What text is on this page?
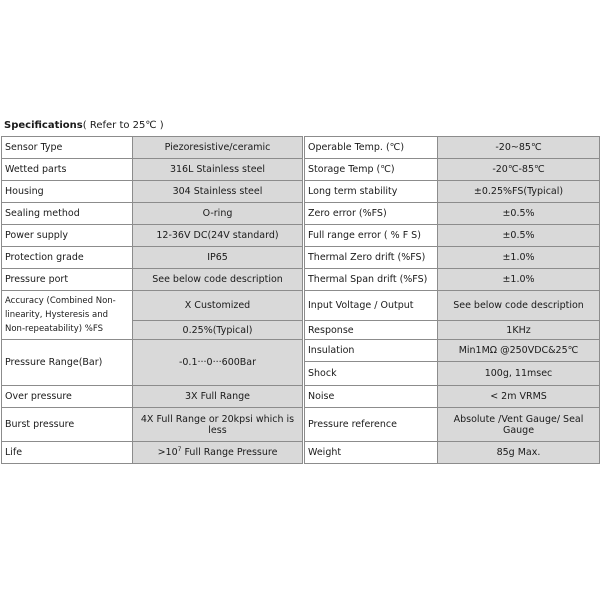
Specifications( Refer to 25℃ )
Sensor Type	Piezoresistive/ceramic
Wetted parts	316L Stainless steel
Housing	304 Stainless steel
Sealing method	O-ring
Power supply	12-36V DC(24V standard)
Protection grade	IP65
Pressure port	See below code description
Accuracy (Combined Non-linearity, Hysteresis and Non-repeatability) %FS	X Customized
	0.25%(Typical)
Pressure Range(Bar)	-0.1···0···600Bar
Over pressure	3X Full Range
Burst pressure	4X Full Range or 20kpsi which is less
Life	$>10^7$ Full Range Pressure
Operable Temp. (℃)	-20~85℃
Storage Temp (℃)	-20℃-85℃
Long term stability	±0.25%FS(Typical)
Zero error (%FS)	±0.5%
Full range error ( % F S)	±0.5%
Thermal Zero drift (%FS)	±1.0%
Thermal Span drift (%FS)	±1.0%
Input Voltage / Output	See below code description
Response	1KHz
Insulation	Min1MΩ @250VDC&25℃
Shock	100g, 11msec
Noise	< 2m VRMS
Pressure reference	Absolute /Vent Gauge/ Seal Gauge
Weight	85g Max.
